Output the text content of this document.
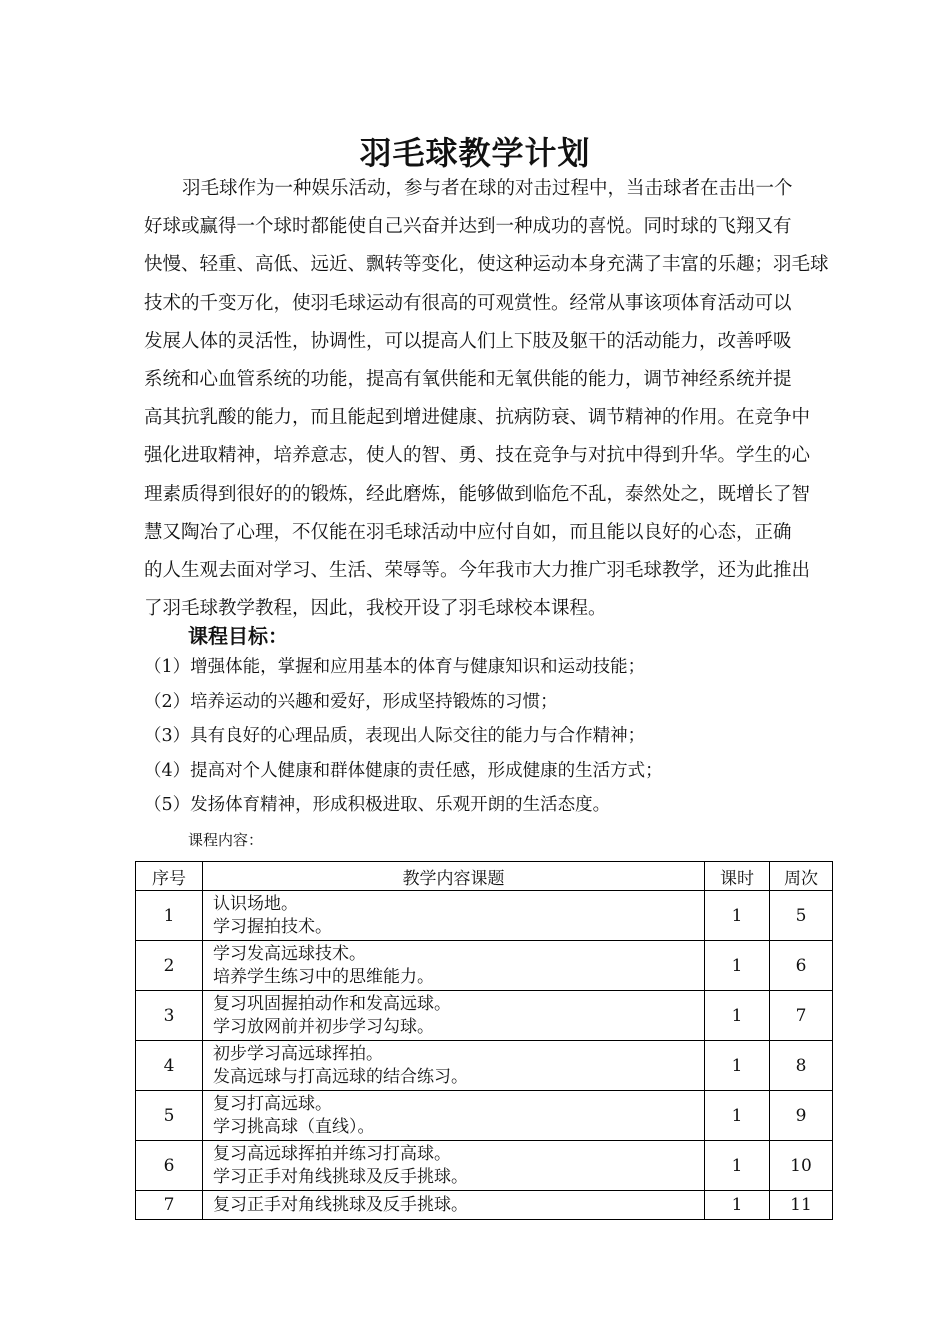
羽毛球教学计划
羽毛球作为一种娱乐活动，参与者在球的对击过程中，当击球者在击出一个
好球或赢得一个球时都能使自己兴奋并达到一种成功的喜悦。同时球的飞翔又有
快慢、轻重、高低、远近、飘转等变化，使这种运动本身充满了丰富的乐趣；羽毛球
技术的千变万化，使羽毛球运动有很高的可观赏性。经常从事该项体育活动可以
发展人体的灵活性，协调性，可以提高人们上下肢及躯干的活动能力，改善呼吸
系统和心血管系统的功能，提高有氧供能和无氧供能的能力，调节神经系统并提
高其抗乳酸的能力，而且能起到增进健康、抗病防衰、调节精神的作用。在竞争中
强化进取精神，培养意志，使人的智、勇、技在竞争与对抗中得到升华。学生的心
理素质得到很好的的锻炼，经此磨炼，能够做到临危不乱，泰然处之，既增长了智
慧又陶冶了心理，不仅能在羽毛球活动中应付自如，而且能以良好的心态，正确
的人生观去面对学习、生活、荣辱等。今年我市大力推广羽毛球教学，还为此推出
了羽毛球教学教程，因此，我校开设了羽毛球校本课程。
课程目标：
（1）增强体能，掌握和应用基本的体育与健康知识和运动技能；
（2）培养运动的兴趣和爱好，形成坚持锻炼的习惯；
（3）具有良好的心理品质，表现出人际交往的能力与合作精神；
（4）提高对个人健康和群体健康的责任感，形成健康的生活方式；
（5）发扬体育精神，形成积极进取、乐观开朗的生活态度。
课程内容：
序号	教学内容课题	课时	周次
1	认识场地。
学习握拍技术。	1	5
2	学习发高远球技术。
培养学生练习中的思维能力。	1	6
3	复习巩固握拍动作和发高远球。
学习放网前并初步学习勾球。	1	7
4	初步学习高远球挥拍。
发高远球与打高远球的结合练习。	1	8
5	复习打高远球。
学习挑高球（直线）。	1	9
6	复习高远球挥拍并练习打高球。
学习正手对角线挑球及反手挑球。	1	10
7	复习正手对角线挑球及反手挑球。	1	11
